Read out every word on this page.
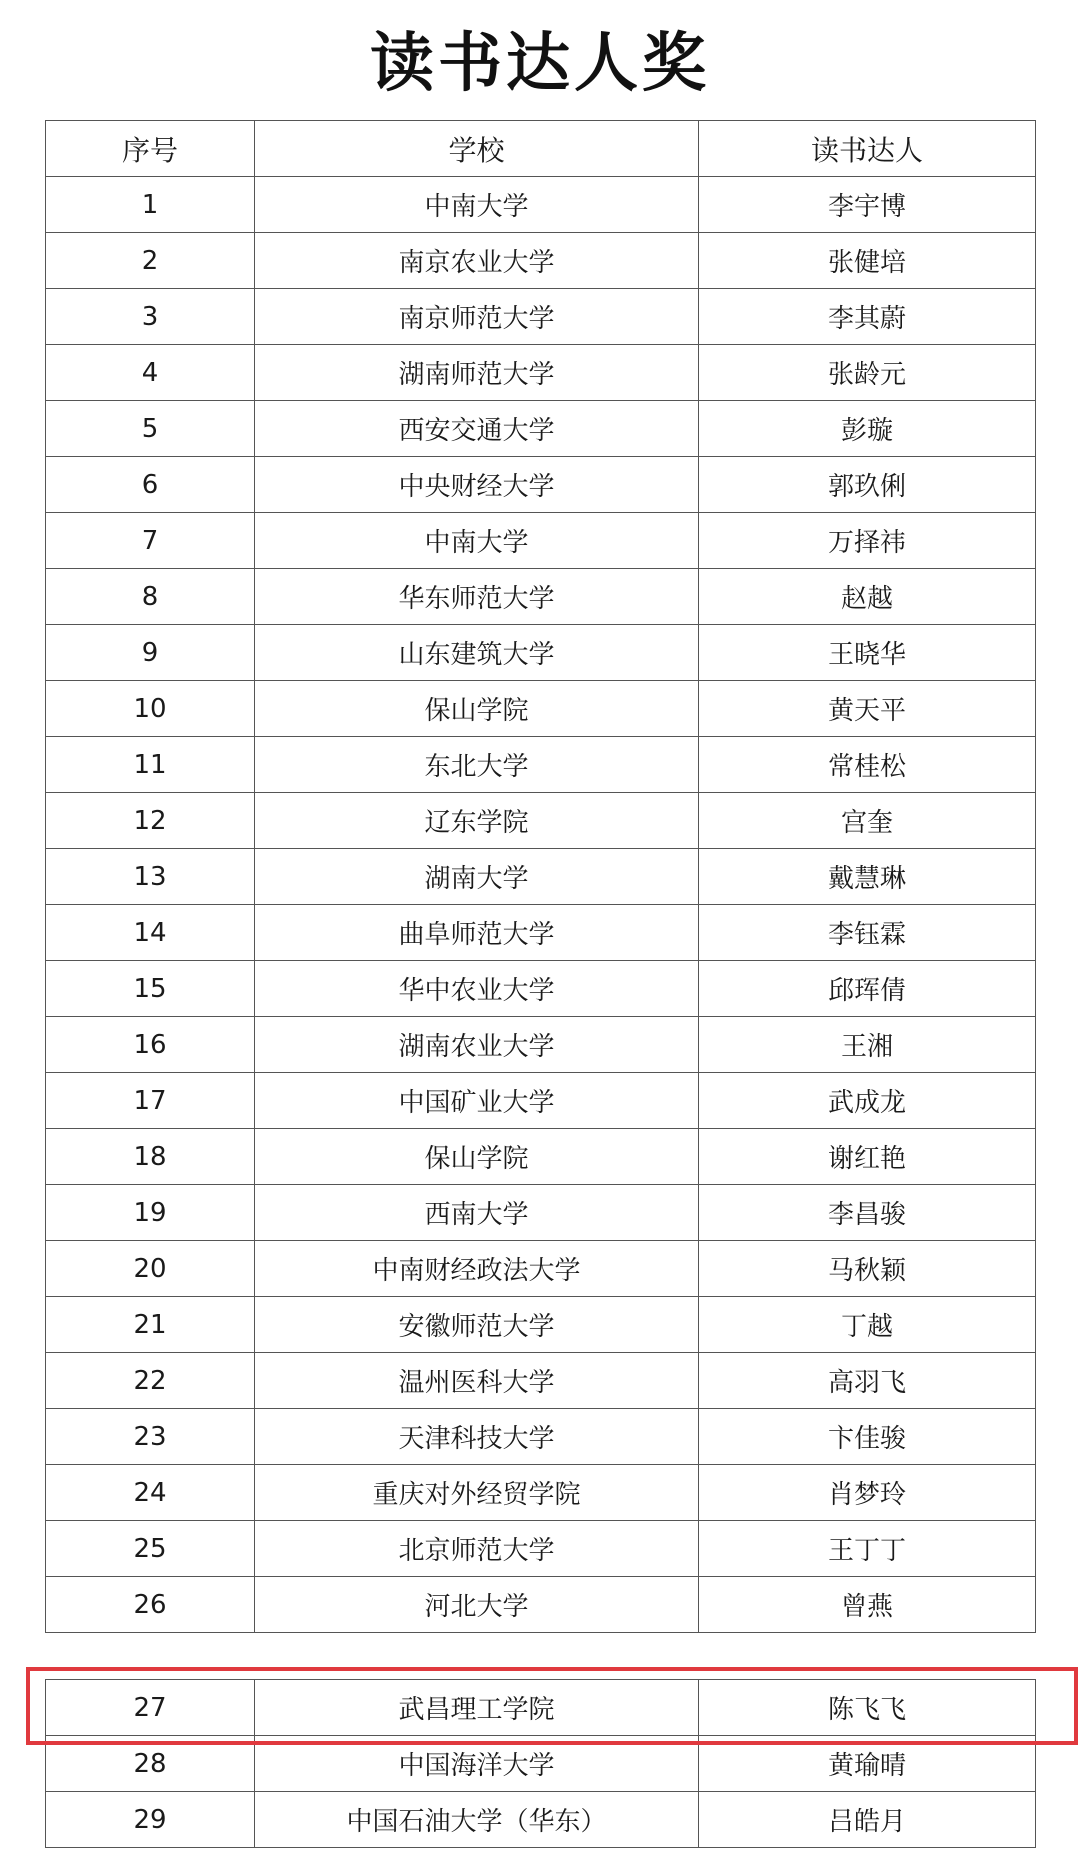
读书达人奖
序号	学校	读书达人
1	中南大学	李宇博
2	南京农业大学	张健培
3	南京师范大学	李其蔚
4	湖南师范大学	张龄元
5	西安交通大学	彭璇
6	中央财经大学	郭玖俐
7	中南大学	万择祎
8	华东师范大学	赵越
9	山东建筑大学	王晓华
10	保山学院	黄天平
11	东北大学	常桂松
12	辽东学院	宫奎
13	湖南大学	戴慧琳
14	曲阜师范大学	李钰霖
15	华中农业大学	邱珲倩
16	湖南农业大学	王湘
17	中国矿业大学	武成龙
18	保山学院	谢红艳
19	西南大学	李昌骏
20	中南财经政法大学	马秋颖
21	安徽师范大学	丁越
22	温州医科大学	高羽飞
23	天津科技大学	卞佳骏
24	重庆对外经贸学院	肖梦玲
25	北京师范大学	王丁丁
26	河北大学	曾燕
27	武昌理工学院	陈飞飞
28	中国海洋大学	黄瑜晴
29	中国石油大学（华东）	吕皓月
